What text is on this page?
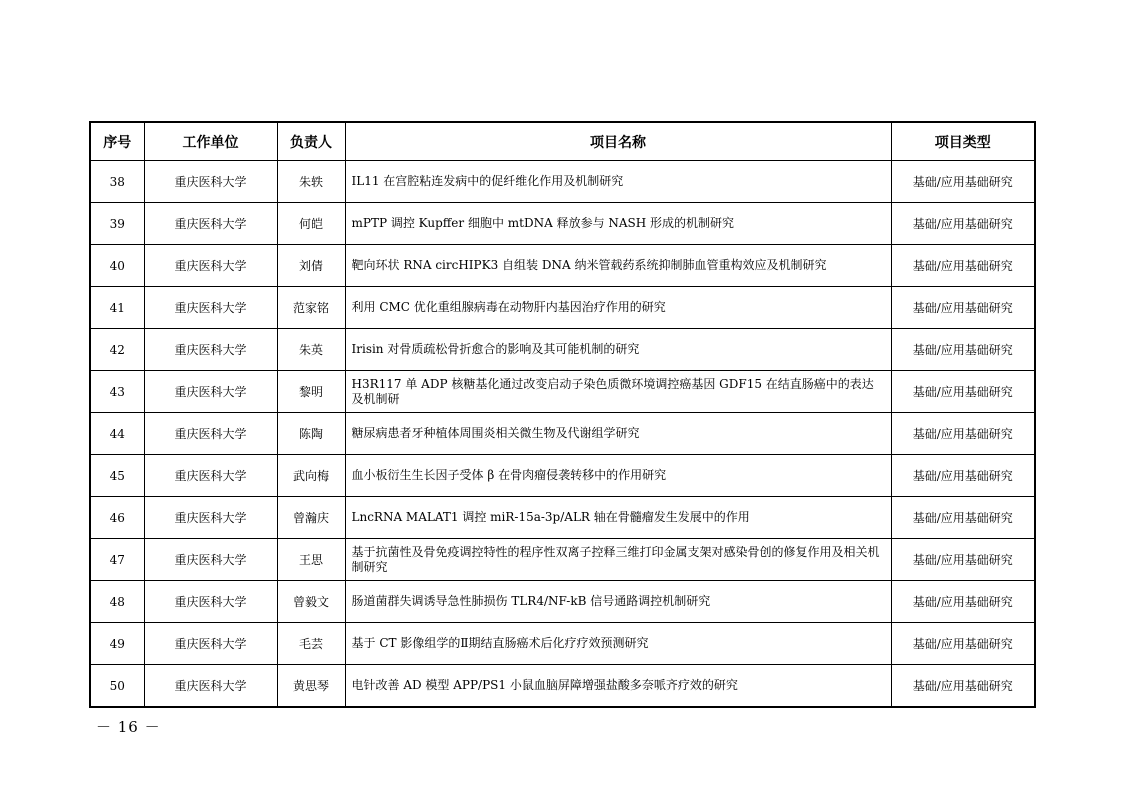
序号	工作单位	负责人	项目名称	项目类型
38	重庆医科大学	朱轶	IL11 在宫腔粘连发病中的促纤维化作用及机制研究	基础/应用基础研究
39	重庆医科大学	何皑	mPTP 调控 Kupffer 细胞中 mtDNA 释放参与 NASH 形成的机制研究	基础/应用基础研究
40	重庆医科大学	刘倩	靶向环状 RNA circHIPK3 自组装 DNA 纳米管载药系统抑制肺血管重构效应及机制研究	基础/应用基础研究
41	重庆医科大学	范家铭	利用 CMC 优化重组腺病毒在动物肝内基因治疗作用的研究	基础/应用基础研究
42	重庆医科大学	朱英	Irisin 对骨质疏松骨折愈合的影响及其可能机制的研究	基础/应用基础研究
43	重庆医科大学	黎明	H3R117 单 ADP 核糖基化通过改变启动子染色质微环境调控癌基因 GDF15 在结直肠癌中的表达及机制研	基础/应用基础研究
44	重庆医科大学	陈陶	糖尿病患者牙种植体周围炎相关微生物及代谢组学研究	基础/应用基础研究
45	重庆医科大学	武向梅	血小板衍生生长因子受体 β 在骨肉瘤侵袭转移中的作用研究	基础/应用基础研究
46	重庆医科大学	曾瀚庆	LncRNA MALAT1 调控 miR-15a-3p/ALR 轴在骨髓瘤发生发展中的作用	基础/应用基础研究
47	重庆医科大学	王思	基于抗菌性及骨免疫调控特性的程序性双离子控释三维打印金属支架对感染骨创的修复作用及相关机制研究	基础/应用基础研究
48	重庆医科大学	曾毅文	肠道菌群失调诱导急性肺损伤 TLR4/NF-kB 信号通路调控机制研究	基础/应用基础研究
49	重庆医科大学	毛芸	基于 CT 影像组学的Ⅱ期结直肠癌术后化疗疗效预测研究	基础/应用基础研究
50	重庆医科大学	黄思琴	电针改善 AD 模型 APP/PS1 小鼠血脑屏障增强盐酸多奈哌齐疗效的研究	基础/应用基础研究
－ 16 －
